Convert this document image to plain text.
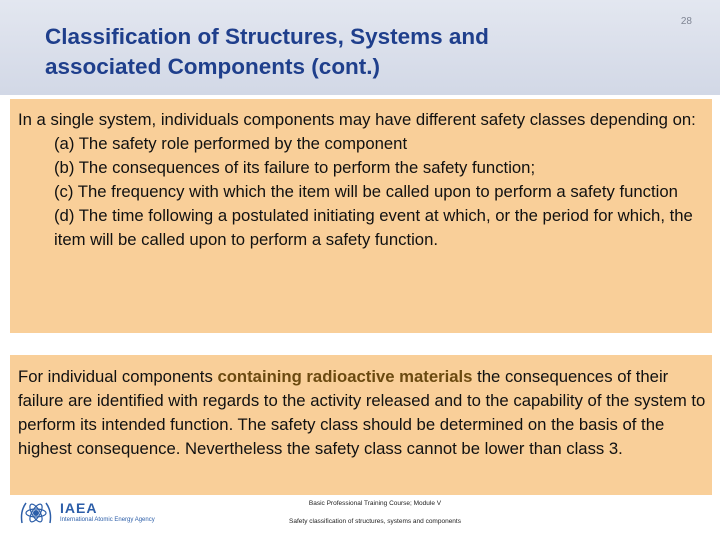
Classification of Structures, Systems and
associated Components (cont.)
28
In a single system, individuals components may have different safety classes depending on:
(a) The safety role performed by the component
(b) The consequences of its failure to perform the safety function;
(c) The frequency with which the item will be called upon to perform a safety function
(d) The time following a postulated initiating event at which, or the period for which, the item will be called upon to perform a safety function.
For individual components containing radioactive materials the consequences of their failure are identified with regards to the activity released and to the capability of the system to perform its intended function. The safety class should be determined on the basis of the highest consequence. Nevertheless the safety class cannot be lower than class 3.
IAEA
International Atomic Energy Agency
Basic Professional Training Course; Module V
Safety classification of structures, systems and components
